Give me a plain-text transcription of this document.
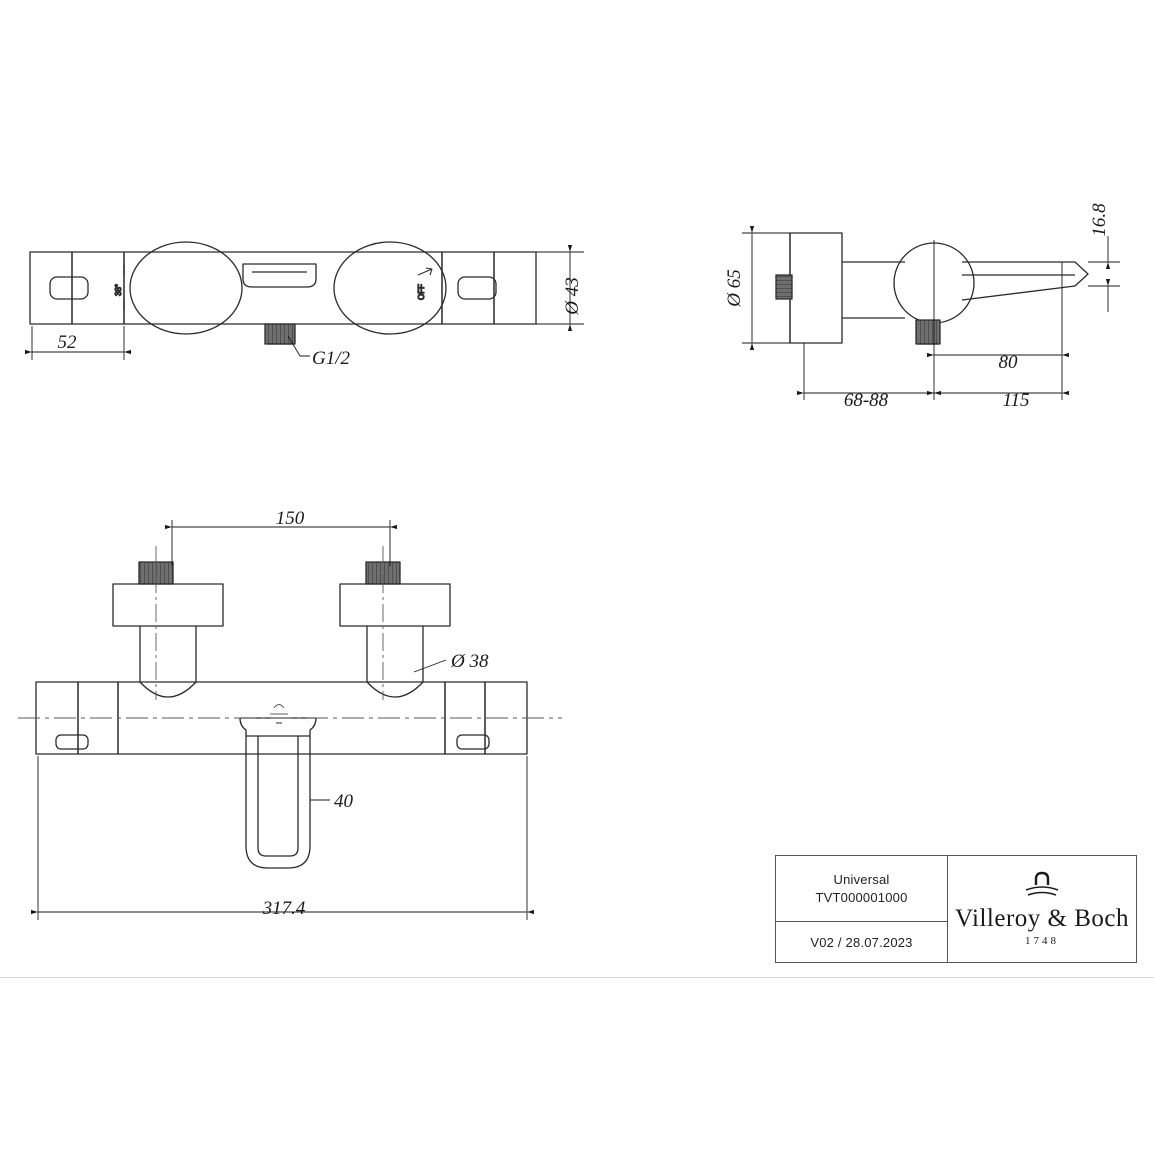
38°	OFF
52
Ø 43
G1/2
16.8
Ø 65
80
68-88	115
150
Ø 38
40
317.4
Universal
TVT000001000
V02 / 28.07.2023
Villeroy & Boch
1748
